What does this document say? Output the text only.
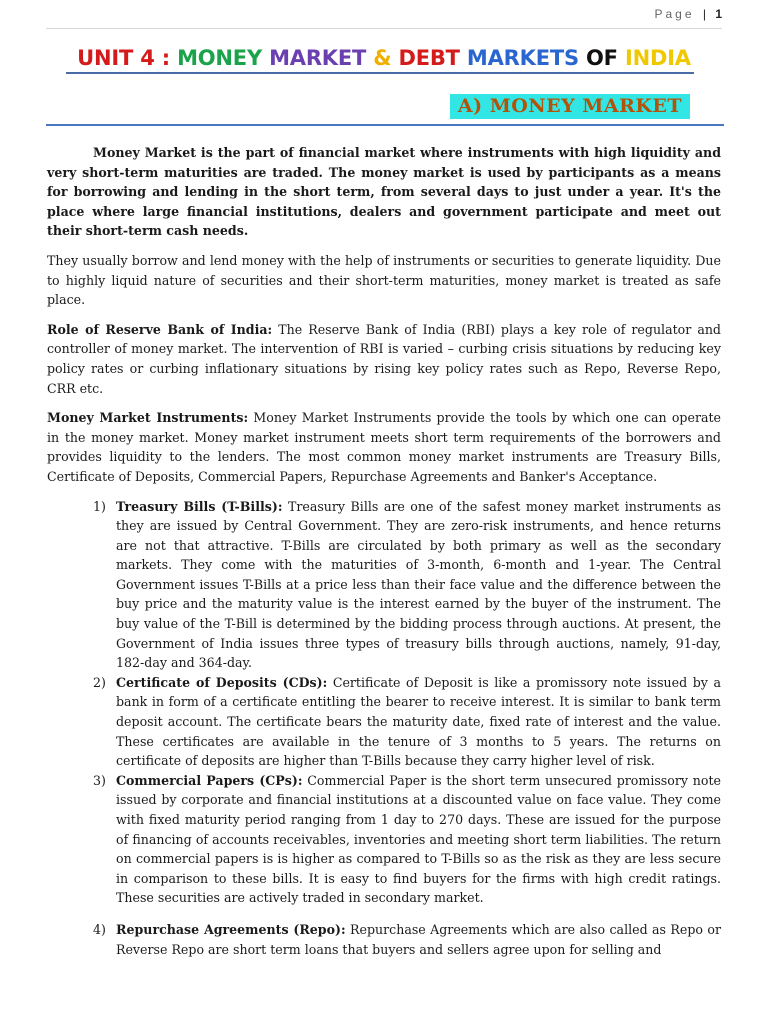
Page | 1
UNIT 4 : MONEY MARKET & DEBT MARKETS OF INDIA
A) MONEY MARKET

Money Market is the part of financial market where instruments with high liquidity and very short-term maturities are traded. The money market is used by participants as a means for borrowing and lending in the short term, from several days to just under a year. It's the place where large financial institutions, dealers and government participate and meet out their short-term cash needs.

They usually borrow and lend money with the help of instruments or securities to generate liquidity. Due to highly liquid nature of securities and their short-term maturities, money market is treated as safe place.

Role of Reserve Bank of India: The Reserve Bank of India (RBI) plays a key role of regulator and controller of money market. The intervention of RBI is varied – curbing crisis situations by reducing key policy rates or curbing inflationary situations by rising key policy rates such as Repo, Reverse Repo, CRR etc.

Money Market Instruments: Money Market Instruments provide the tools by which one can operate in the money market. Money market instrument meets short term requirements of the borrowers and provides liquidity to the lenders. The most common money market instruments are Treasury Bills, Certificate of Deposits, Commercial Papers, Repurchase Agreements and Banker's Acceptance.

1) Treasury Bills (T-Bills): Treasury Bills are one of the safest money market instruments as they are issued by Central Government. They are zero-risk instruments, and hence returns are not that attractive. T-Bills are circulated by both primary as well as the secondary markets. They come with the maturities of 3-month, 6-month and 1-year. The Central Government issues T-Bills at a price less than their face value and the difference between the buy price and the maturity value is the interest earned by the buyer of the instrument. The buy value of the T-Bill is determined by the bidding process through auctions. At present, the Government of India issues three types of treasury bills through auctions, namely, 91-day, 182-day and 364-day.
2) Certificate of Deposits (CDs): Certificate of Deposit is like a promissory note issued by a bank in form of a certificate entitling the bearer to receive interest. It is similar to bank term deposit account. The certificate bears the maturity date, fixed rate of interest and the value. These certificates are available in the tenure of 3 months to 5 years. The returns on certificate of deposits are higher than T-Bills because they carry higher level of risk.
3) Commercial Papers (CPs): Commercial Paper is the short term unsecured promissory note issued by corporate and financial institutions at a discounted value on face value. They come with fixed maturity period ranging from 1 day to 270 days. These are issued for the purpose of financing of accounts receivables, inventories and meeting short term liabilities. The return on commercial papers is is higher as compared to T-Bills so as the risk as they are less secure in comparison to these bills. It is easy to find buyers for the firms with high credit ratings. These securities are actively traded in secondary market.
4) Repurchase Agreements (Repo): Repurchase Agreements which are also called as Repo or Reverse Repo are short term loans that buyers and sellers agree upon for selling and
